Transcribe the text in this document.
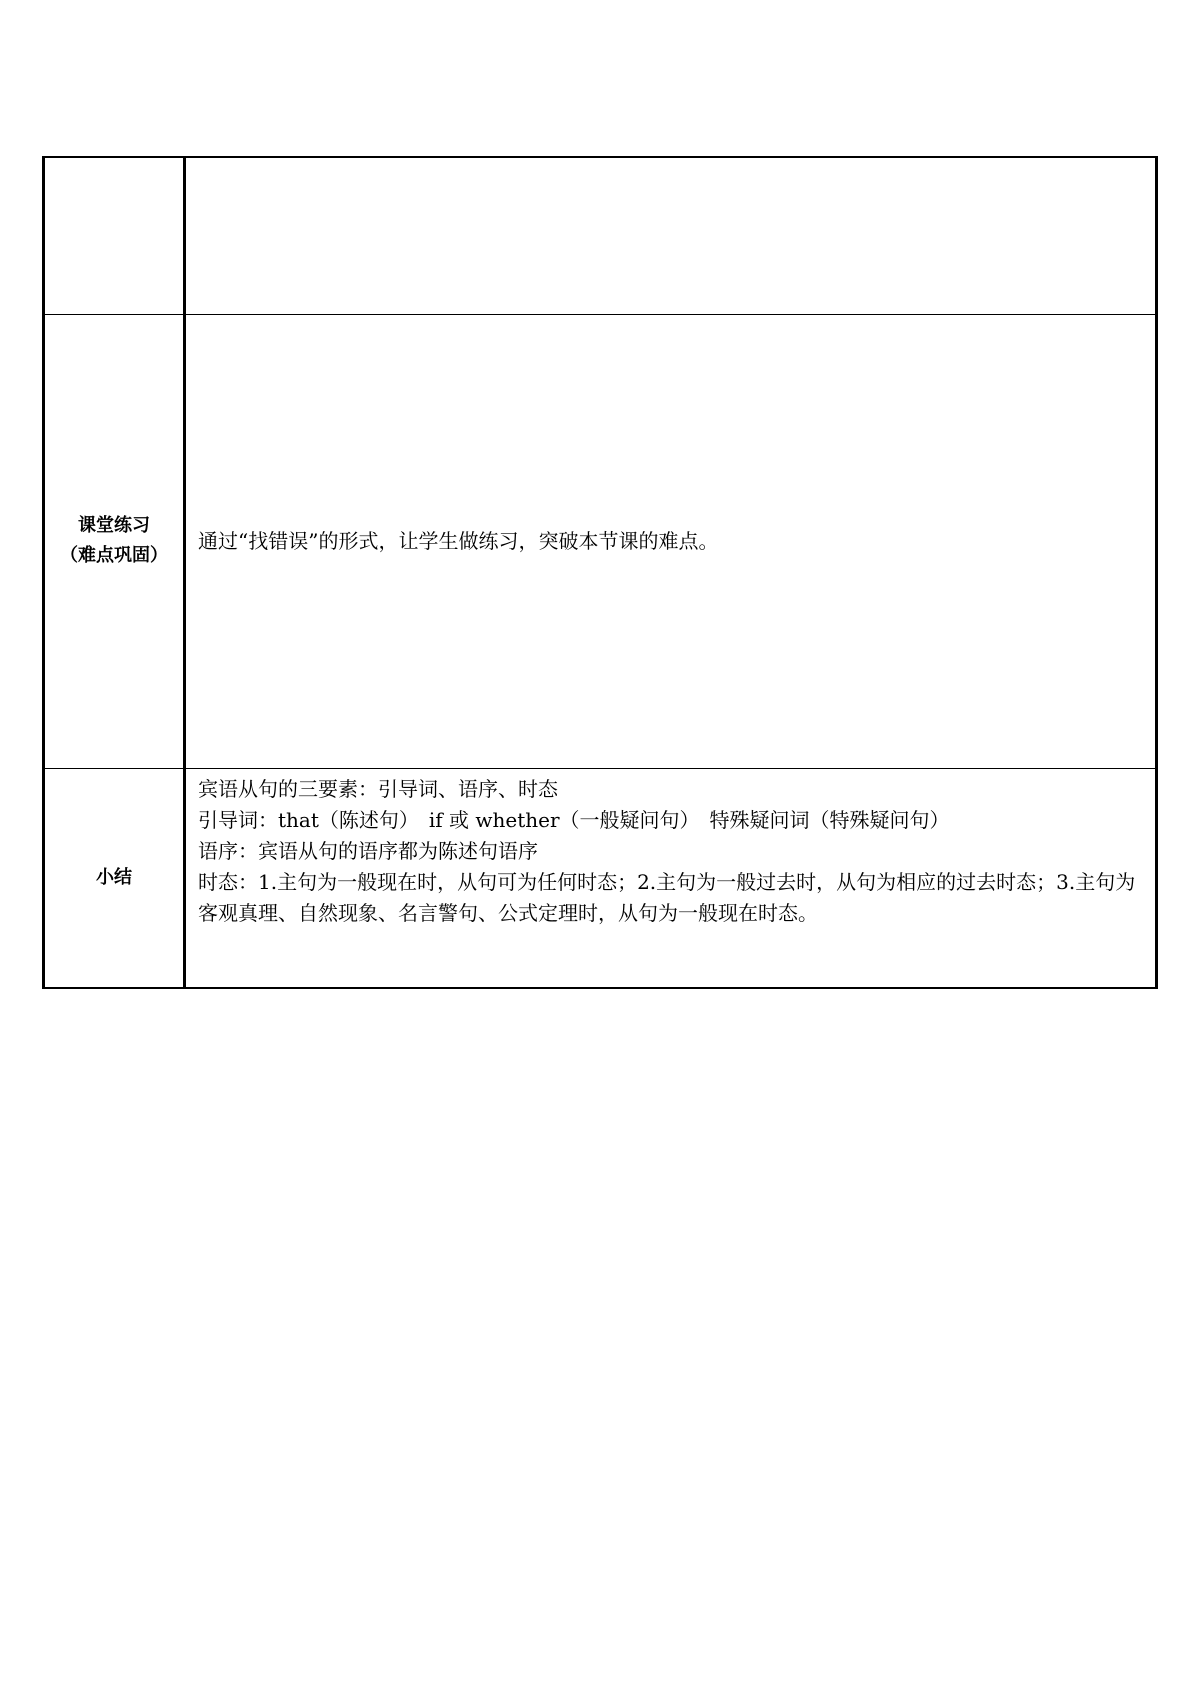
课堂练习
（难点巩固）	通过“找错误”的形式，让学生做练习，突破本节课的难点。

小结	宾语从句的三要素：引导词、语序、时态

引导词：that（陈述句）　if 或 whether（一般疑问句）　特殊疑问词（特殊疑问句）

语序：宾语从句的语序都为陈述句语序

时态：1.主句为一般现在时，从句可为任何时态；2.主句为一般过去时，从句为相应的过去时态；3.主句为客观真理、自然现象、名言警句、公式定理时，从句为一般现在时态。
